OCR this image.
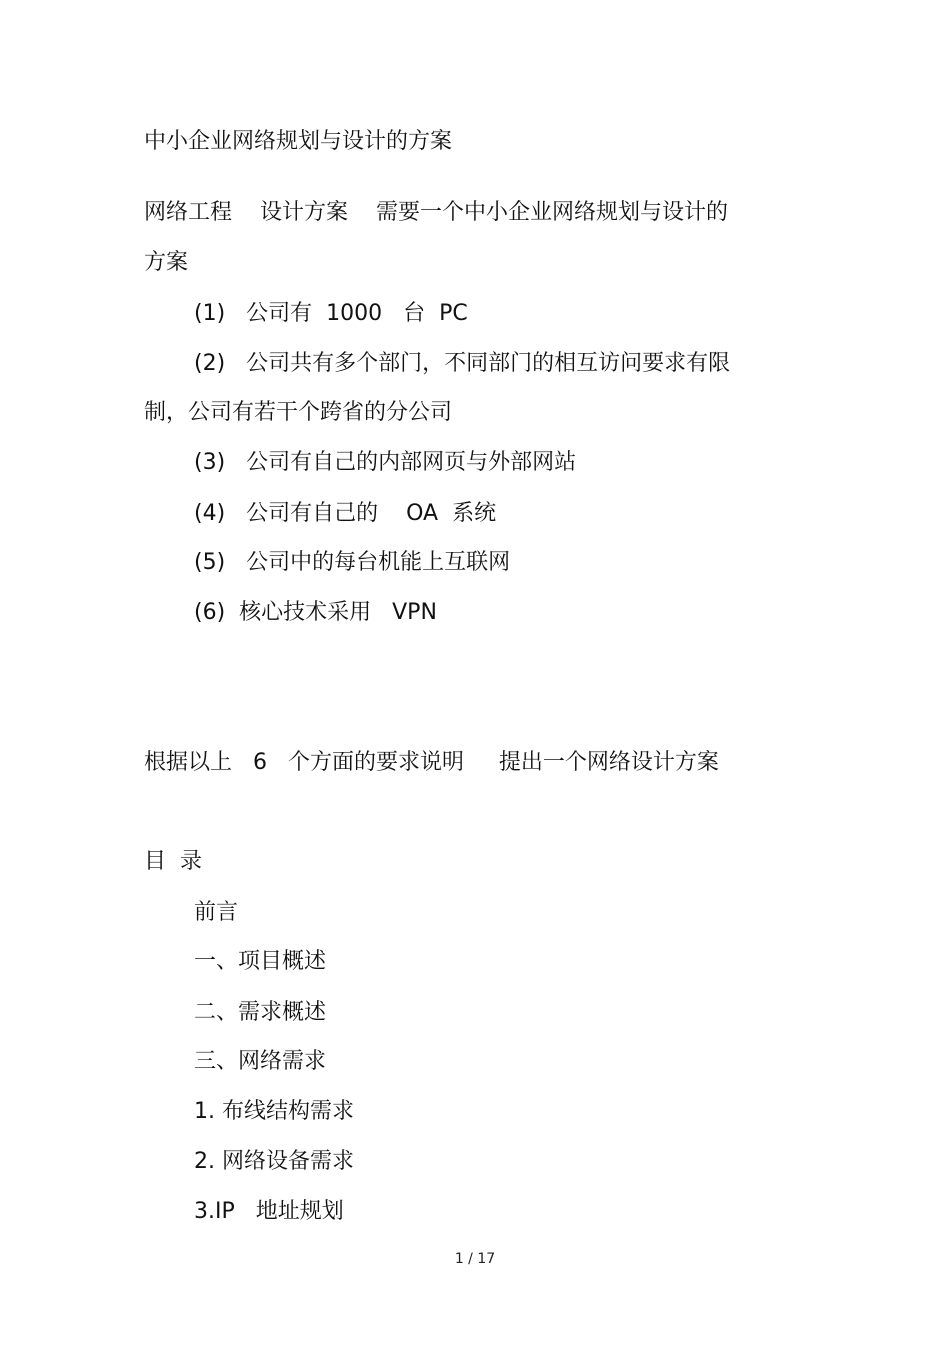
中小企业网络规划与设计的方案

网络工程    设计方案    需要一个中小企业网络规划与设计的

方案

(1)   公司有  1000   台  PC

(2)   公司共有多个部门，不同部门的相互访问要求有限

制，公司有若干个跨省的分公司

(3)   公司有自己的内部网页与外部网站

(4)   公司有自己的    OA  系统

(5)   公司中的每台机能上互联网

(6)  核心技术采用   VPN

根据以上   6   个方面的要求说明     提出一个网络设计方案

目  录

前言

一、项目概述

二、需求概述

三、网络需求

1. 布线结构需求

2. 网络设备需求

3.IP   地址规划

1 / 17
